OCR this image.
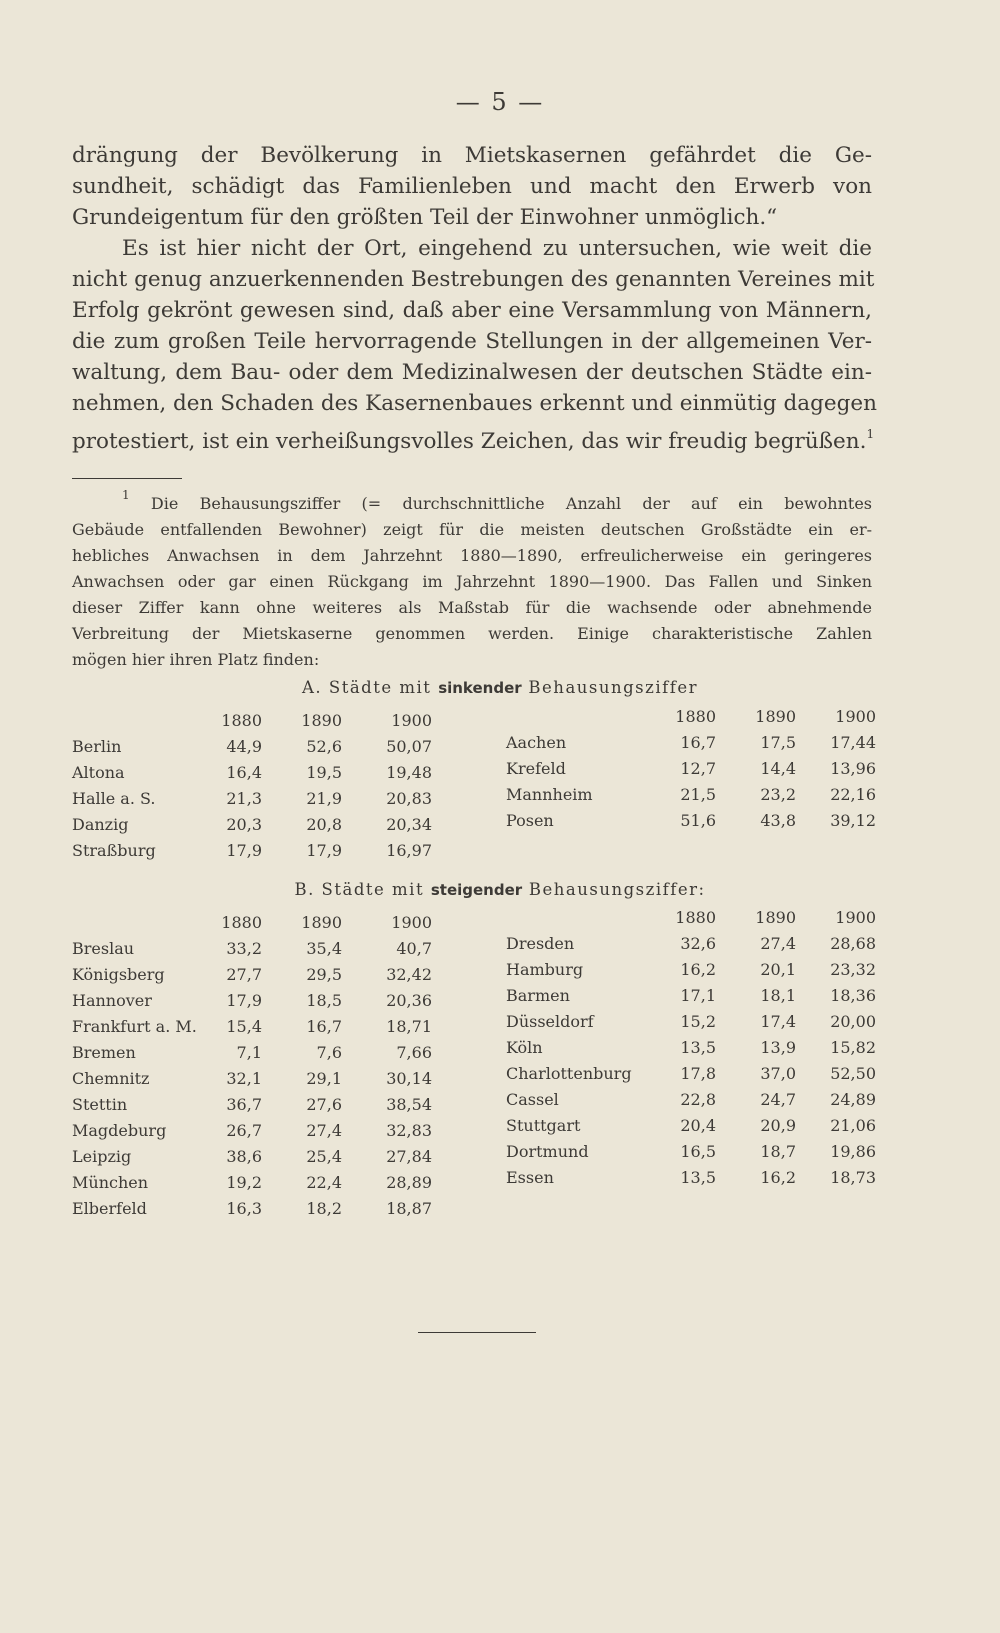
— 5 —
drängung der Bevölkerung in Mietskasernen gefährdet die Ge-
sundheit, schädigt das Familienleben und macht den Erwerb von
Grundeigentum für den größten Teil der Einwohner unmöglich.“
Es ist hier nicht der Ort, eingehend zu untersuchen, wie weit die
nicht genug anzuerkennenden Bestrebungen des genannten Vereines mit
Erfolg gekrönt gewesen sind, daß aber eine Versammlung von Männern,
die zum großen Teile hervorragende Stellungen in der allgemeinen Ver-
waltung, dem Bau- oder dem Medizinalwesen der deutschen Städte ein-
nehmen, den Schaden des Kasernenbaues erkennt und einmütig dagegen
protestiert, ist ein verheißungsvolles Zeichen, das wir freudig begrüßen.$^1$
$^1$ Die Behausungsziffer (= durchschnittliche Anzahl der auf ein bewohntes
Gebäude entfallenden Bewohner) zeigt für die meisten deutschen Großstädte ein er-
hebliches Anwachsen in dem Jahrzehnt 1880—1890, erfreulicherweise ein geringeres
Anwachsen oder gar einen Rückgang im Jahrzehnt 1890—1900. Das Fallen und Sinken
dieser Ziffer kann ohne weiteres als Maßstab für die wachsende oder abnehmende
Verbreitung der Mietskaserne genommen werden. Einige charakteristische Zahlen
mögen hier ihren Platz finden:
A. Städte mit sinkender Behausungsziffer
1880	1890	1900
Berlin	44,9	52,6	50,07
Altona	16,4	19,5	19,48
Halle a. S.	21,3	21,9	20,83
Danzig	20,3	20,8	20,34
Straßburg	17,9	17,9	16,97
1880	1890	1900
Aachen	16,7	17,5	17,44
Krefeld	12,7	14,4	13,96
Mannheim	21,5	23,2	22,16
Posen	51,6	43,8	39,12
B. Städte mit steigender Behausungsziffer:
1880	1890	1900
Breslau	33,2	35,4	40,7
Königsberg	27,7	29,5	32,42
Hannover	17,9	18,5	20,36
Frankfurt a. M.	15,4	16,7	18,71
Bremen	7,1	7,6	7,66
Chemnitz	32,1	29,1	30,14
Stettin	36,7	27,6	38,54
Magdeburg	26,7	27,4	32,83
Leipzig	38,6	25,4	27,84
München	19,2	22,4	28,89
Elberfeld	16,3	18,2	18,87
1880	1890	1900
Dresden	32,6	27,4	28,68
Hamburg	16,2	20,1	23,32
Barmen	17,1	18,1	18,36
Düsseldorf	15,2	17,4	20,00
Köln	13,5	13,9	15,82
Charlottenburg	17,8	37,0	52,50
Cassel	22,8	24,7	24,89
Stuttgart	20,4	20,9	21,06
Dortmund	16,5	18,7	19,86
Essen	13,5	16,2	18,73
